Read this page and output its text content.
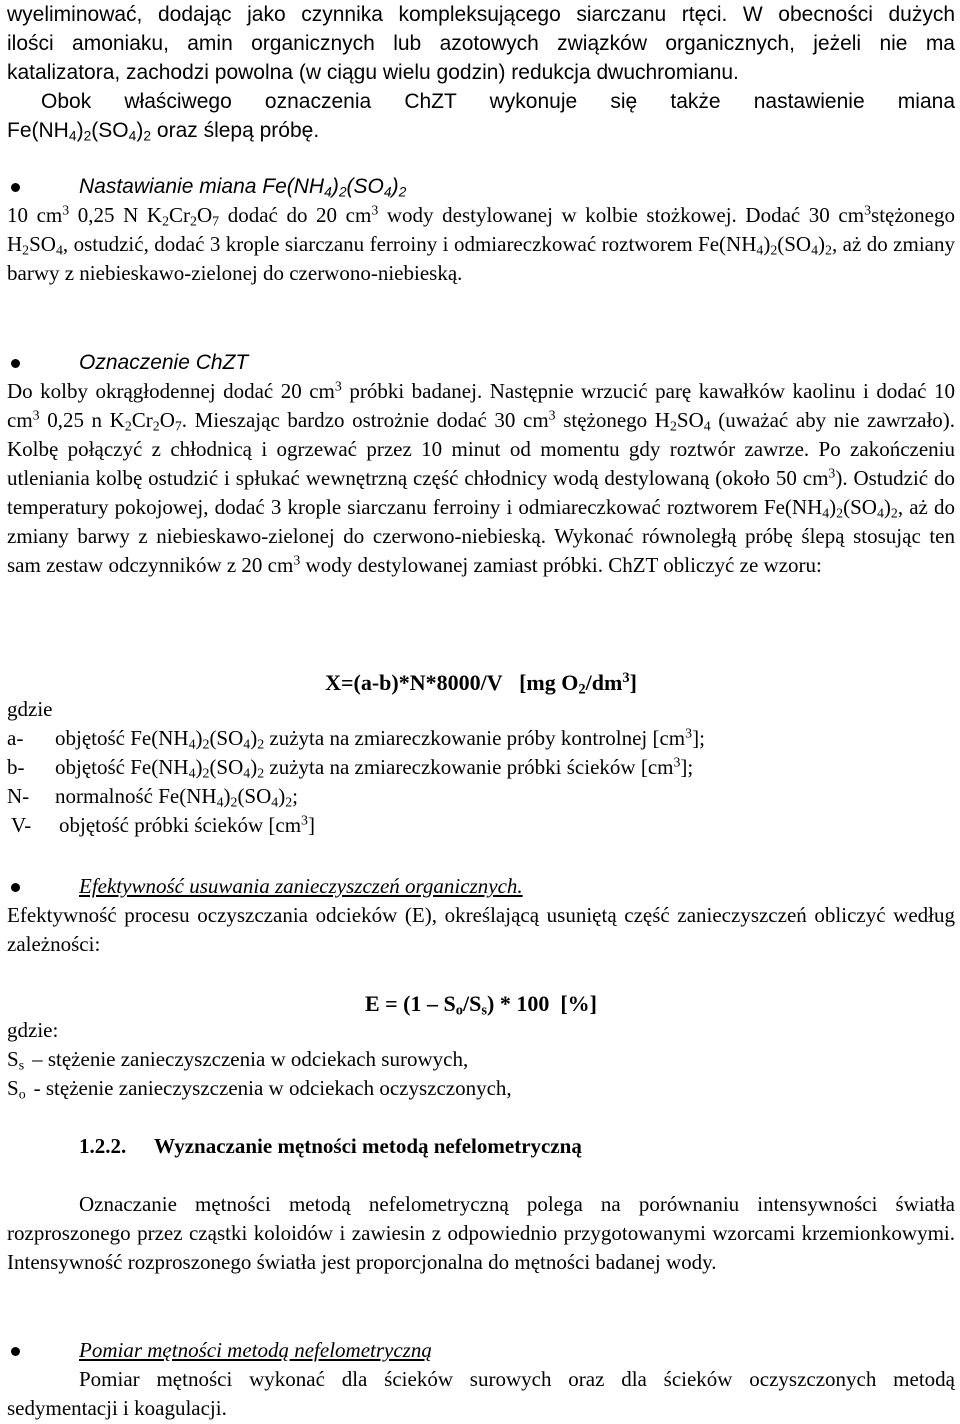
wyeliminować, dodając jako czynnika kompleksującego siarczanu rtęci. W obecności dużych
ilości amoniaku, amin organicznych lub azotowych związków organicznych, jeżeli nie ma
katalizatora, zachodzi powolna (w ciągu wielu godzin) redukcja dwuchromianu.
Obok właściwego oznaczenia ChZT wykonuje się także nastawienie miana
$Fe(NH_4)_2(SO_4)_2$ oraz ślepą próbę.
Nastawianie miana $Fe(NH_4)_2(SO_4)_2$
10 $cm^3$ 0,25 N $K_2Cr_2O_7$ dodać do 20 $cm^3$ wody destylowanej w kolbie stożkowej. Dodać 30 $cm^3stężonego$ $H_2SO_4$, ostudzić, dodać 3 krople siarczanu ferroiny i odmiareczkować roztworem $Fe(NH_4)_2(SO_4)_2$, aż do zmiany barwy z niebieskawo-zielonej do czerwono-niebieską.
Oznaczenie ChZT
Do kolby okrągłodennej dodać 20 $cm^3$ próbki badanej. Następnie wrzucić parę kawałków kaolinu i dodać 10 $cm^3$ 0,25 n $K_2Cr_2O_7$. Mieszając bardzo ostrożnie dodać 30 $cm^3$ stężonego $H_2SO_4$ (uważać aby nie zawrzało). Kolbę połączyć z chłodnicą i ogrzewać przez 10 minut od momentu gdy roztwór zawrze. Po zakończeniu utleniania kolbę ostudzić i spłukać wewnętrzną część chłodnicy wodą destylowaną (około 50 $cm^3$). Ostudzić do temperatury pokojowej, dodać 3 krople siarczanu ferroiny i odmiareczkować roztworem $Fe(NH_4)_2(SO_4)_2$, aż do zmiany barwy z niebieskawo-zielonej do czerwono-niebieską. Wykonać równoległą próbę ślepą stosując ten sam zestaw odczynników z 20 $cm^3$ wody destylowanej zamiast próbki. ChZT obliczyć ze wzoru:
X=(a-b)*N*8000/V   [mg $O_2/dm^3$]
gdzie
a-	objętość $Fe(NH_4)_2(SO_4)_2$ zużyta na zmiareczkowanie próby kontrolnej $[cm^3]$;
b-	objętość $Fe(NH_4)_2(SO_4)_2$ zużyta na zmiareczkowanie próbki ścieków $[cm^3]$;
N-	normalność $Fe(NH_4)_2(SO_4)_2$;
V-	objętość próbki ścieków $[cm^3]$
Efektywność usuwania zanieczyszczeń organicznych.
Efektywność procesu oczyszczania odcieków (E), określającą usuniętą część zanieczyszczeń obliczyć według zależności:
$E = (1 - S_o/S_s) * 100$  [%]
gdzie:
$S_s$ – stężenie zanieczyszczenia w odciekach surowych,
$S_o$ - stężenie zanieczyszczenia w odciekach oczyszczonych,
1.2.2. Wyznaczanie mętności metodą nefelometryczną
Oznaczanie mętności metodą nefelometryczną polega na porównaniu intensywności światła rozproszonego przez cząstki koloidów i zawiesin z odpowiednio przygotowanymi wzorcami krzemionkowymi. Intensywność rozproszonego światła jest proporcjonalna do mętności badanej wody.
Pomiar mętności metodą nefelometryczną
Pomiar mętności wykonać dla ścieków surowych oraz dla ścieków oczyszczonych metodą sedymentacji i koagulacji.
